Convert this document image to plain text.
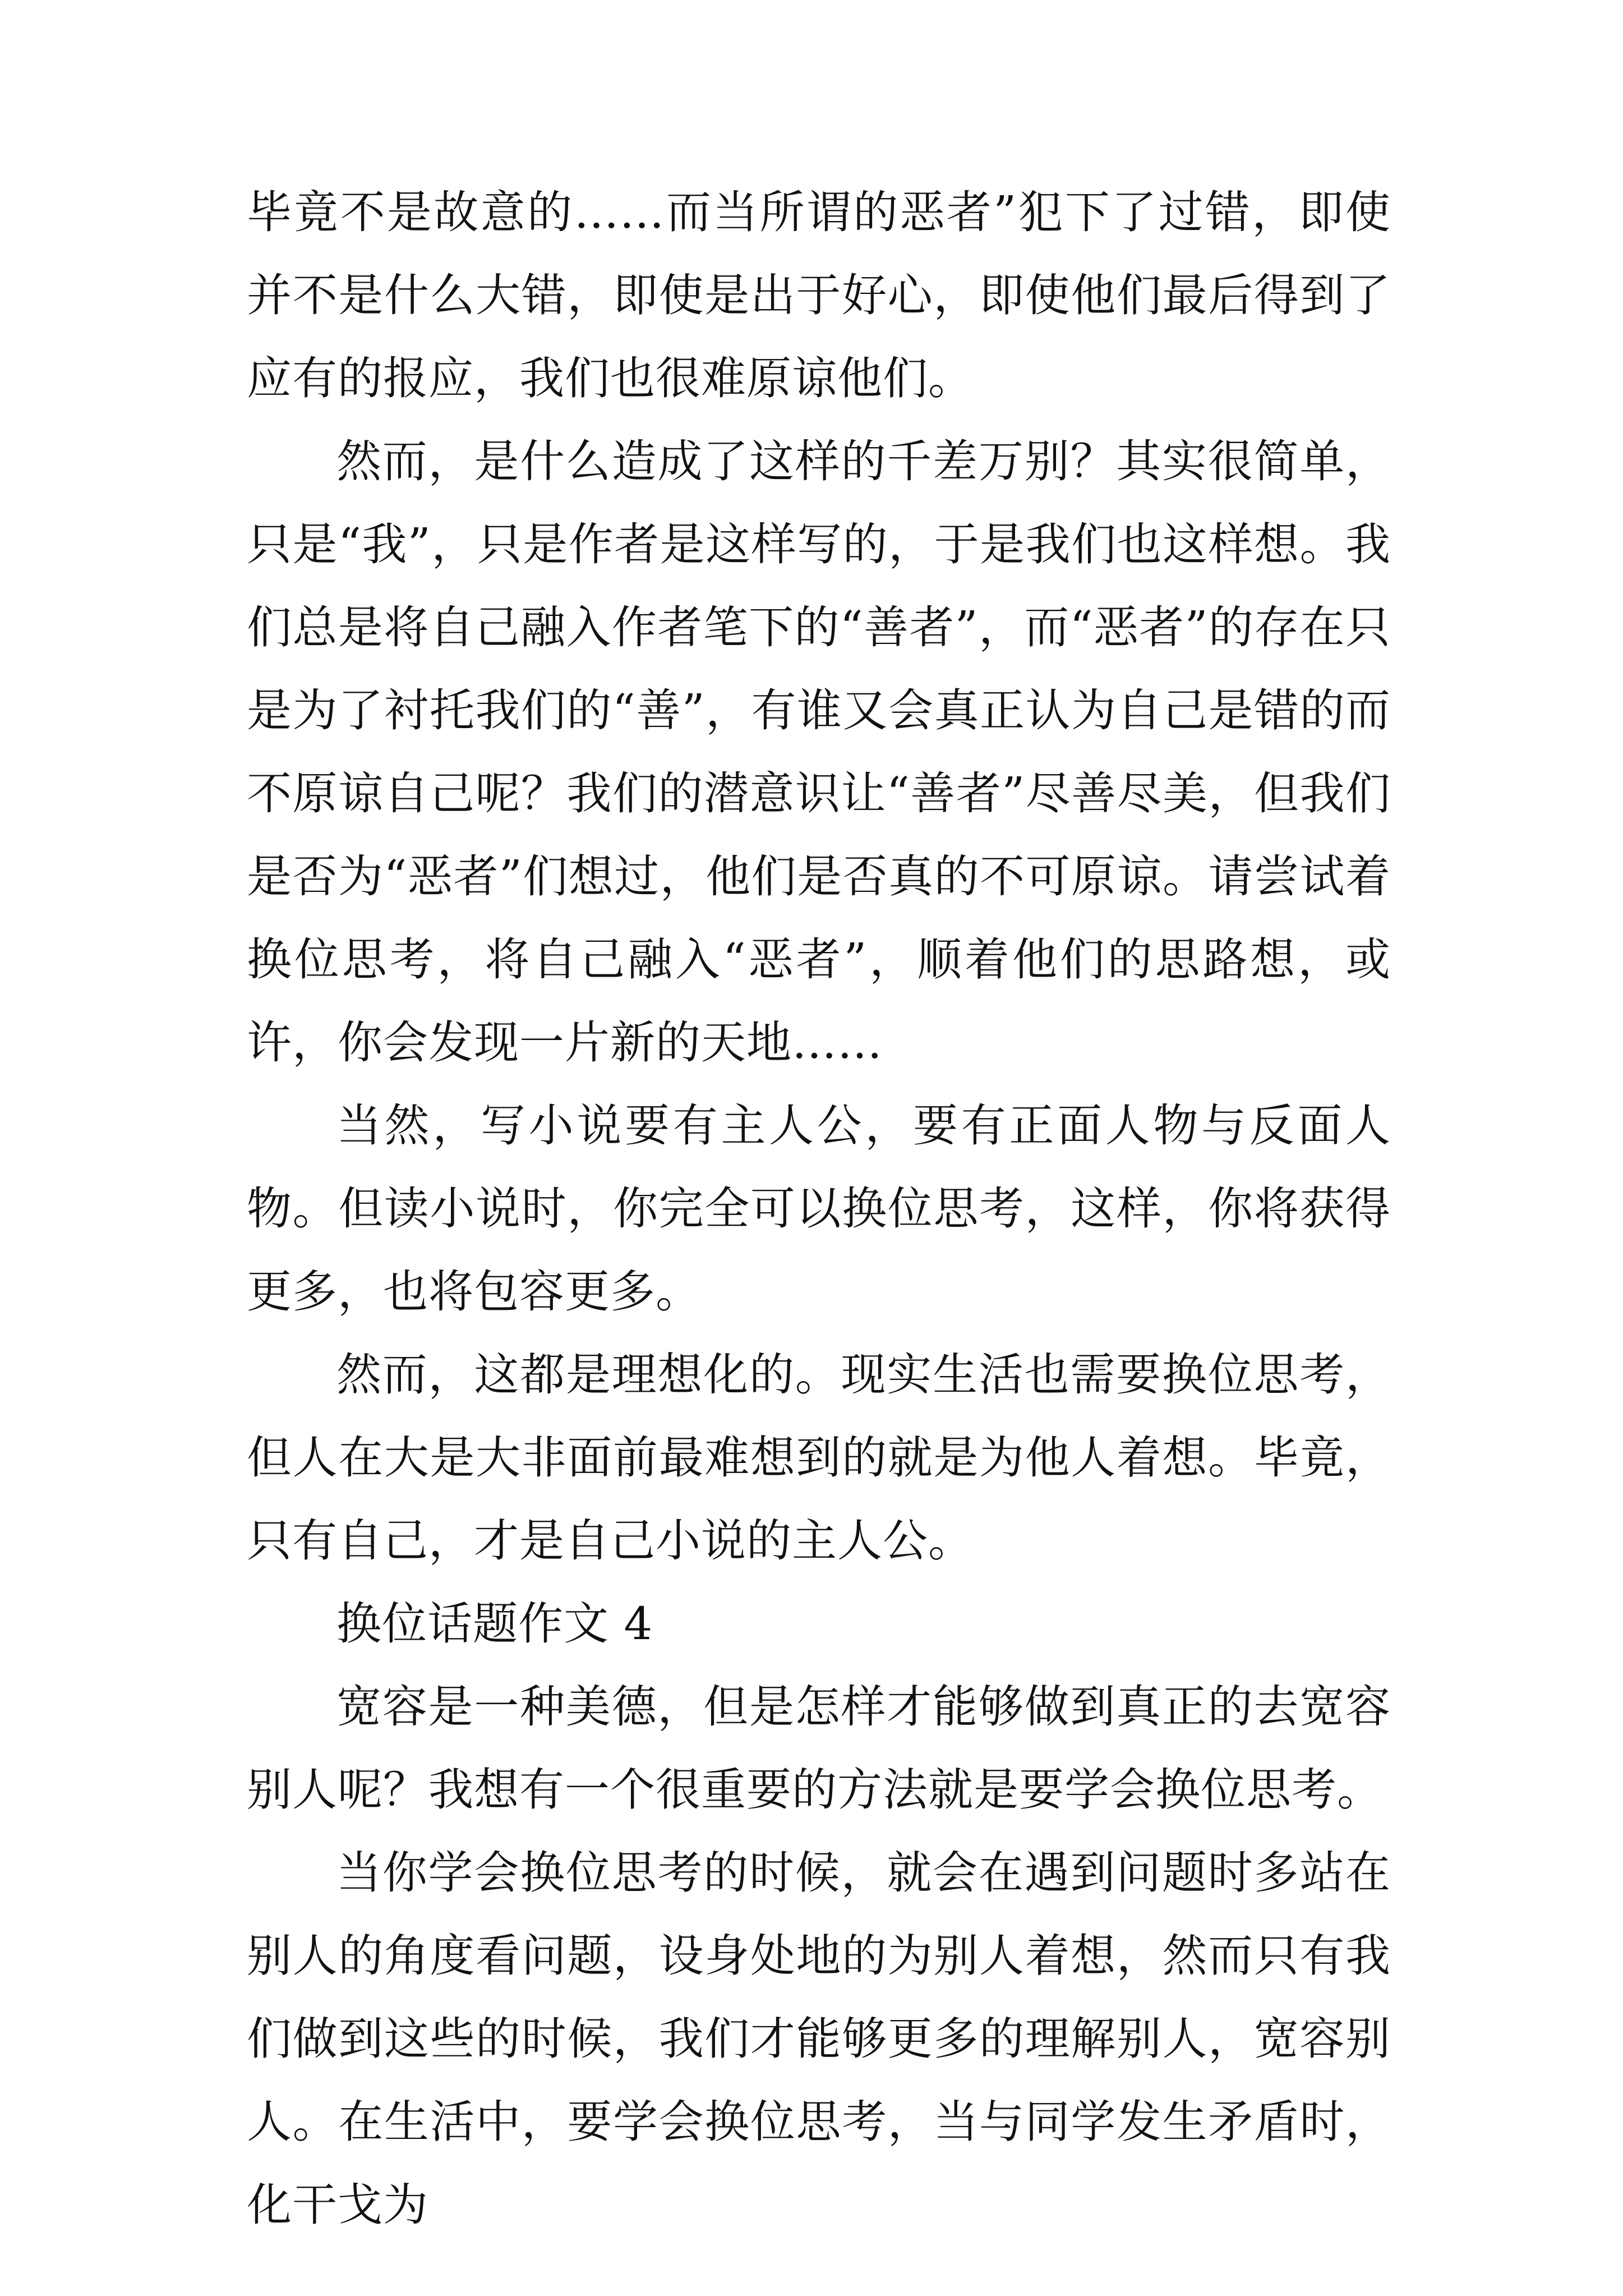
毕竟不是故意的……而当所谓的恶者”犯下了过错，即使并不是什么大错，即使是出于好心，即使他们最后得到了应有的报应，我们也很难原谅他们。

然而，是什么造成了这样的千差万别？其实很简单，只是“我”，只是作者是这样写的，于是我们也这样想。我们总是将自己融入作者笔下的“善者”，而“恶者”的存在只是为了衬托我们的“善”，有谁又会真正认为自己是错的而不原谅自己呢？我们的潜意识让“善者”尽善尽美，但我们是否为“恶者”们想过，他们是否真的不可原谅。请尝试着换位思考，将自己融入“恶者”，顺着他们的思路想，或许，你会发现一片新的天地……

当然，写小说要有主人公，要有正面人物与反面人物。但读小说时，你完全可以换位思考，这样，你将获得更多，也将包容更多。

然而，这都是理想化的。现实生活也需要换位思考，但人在大是大非面前最难想到的就是为他人着想。毕竟，只有自己，才是自己小说的主人公。

换位话题作文 4

宽容是一种美德，但是怎样才能够做到真正的去宽容别人呢？我想有一个很重要的方法就是要学会换位思考。

当你学会换位思考的时候，就会在遇到问题时多站在别人的角度看问题，设身处地的为别人着想，然而只有我们做到这些的时候，我们才能够更多的理解别人，宽容别人。在生活中，要学会换位思考，当与同学发生矛盾时，化干戈为
